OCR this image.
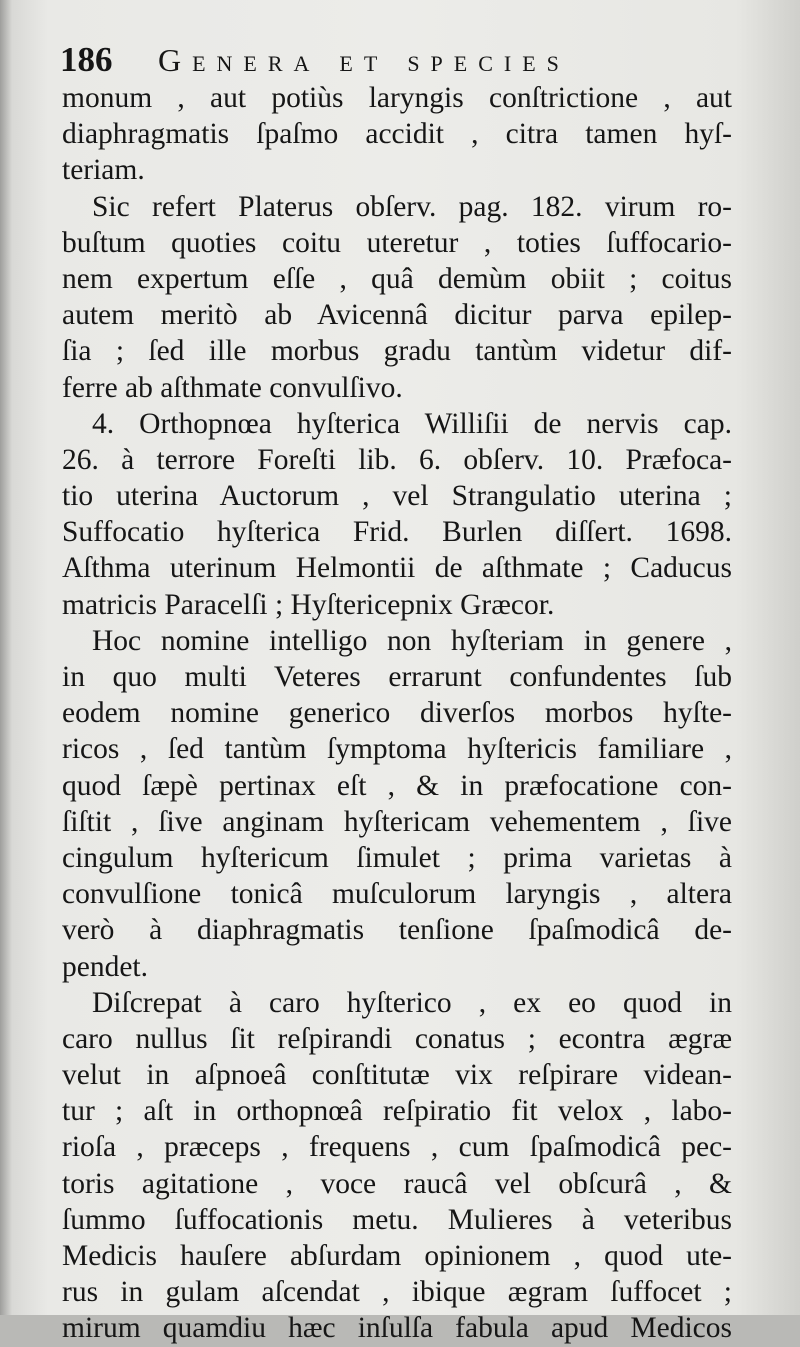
186 Genera et species
monum , aut potiùs laryngis conſtrictione , aut
diaphragmatis ſpaſmo accidit , citra tamen hyſ-
teriam.
Sic refert Platerus obſerv. pag. 182. virum ro-
buſtum quoties coitu uteretur , toties ſuffocario-
nem expertum eſſe , quâ demùm obiit ; coitus
autem meritò ab Avicennâ dicitur parva epilep-
ſia ; ſed ille morbus gradu tantùm videtur dif-
ferre ab aſthmate convulſivo.
4. Orthopnœa hyſterica Williſii de nervis cap.
26. à terrore Foreſti lib. 6. obſerv. 10. Præfoca-
tio uterina Auctorum , vel Strangulatio uterina ;
Suffocatio hyſterica Frid. Burlen diſſert. 1698.
Aſthma uterinum Helmontii de aſthmate ; Caducus
matricis Paracelſi ; Hyſtericepnix Græcor.
Hoc nomine intelligo non hyſteriam in genere ,
in quo multi Veteres errarunt confundentes ſub
eodem nomine generico diverſos morbos hyſte-
ricos , ſed tantùm ſymptoma hyſtericis familiare ,
quod ſæpè pertinax eſt , & in præfocatione con-
ſiſtit , ſive anginam hyſtericam vehementem , ſive
cingulum hyſtericum ſimulet ; prima varietas à
convulſione tonicâ muſculorum laryngis , altera
verò à diaphragmatis tenſione ſpaſmodicâ de-
pendet.
Diſcrepat à caro hyſterico , ex eo quod in
caro nullus ſit reſpirandi conatus ; econtra ægræ
velut in aſpnoeâ conſtitutæ vix reſpirare videan-
tur ; aſt in orthopnœâ reſpiratio fit velox , labo-
rioſa , præceps , frequens , cum ſpaſmodicâ pec-
toris agitatione , voce raucâ vel obſcurâ , &
ſummo ſuffocationis metu. Mulieres à veteribus
Medicis hauſere abſurdam opinionem , quod ute-
rus in gulam aſcendat , ibique ægram ſuffocet ;
mirum quamdiu hæc inſulſa fabula apud Medicos
